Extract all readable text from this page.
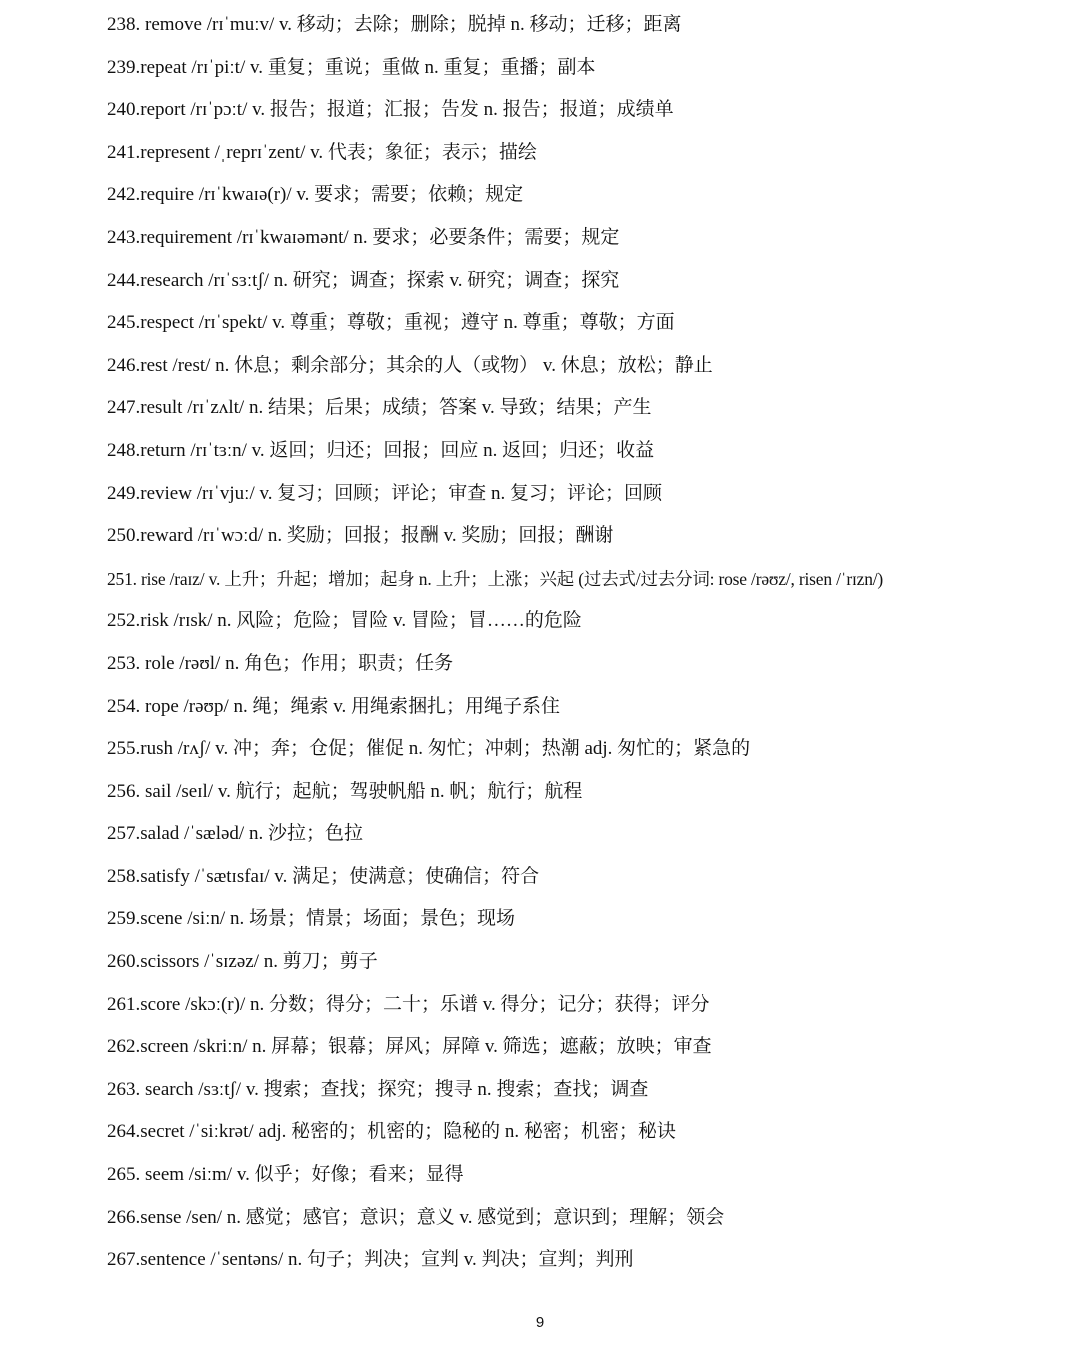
238. remove /rɪˈmuːv/ v. 移动；去除；删除；脱掉 n. 移动；迁移；距离
239.repeat /rɪˈpiːt/ v. 重复；重说；重做 n. 重复；重播；副本
240.report /rɪˈpɔːt/ v. 报告；报道；汇报；告发 n. 报告；报道；成绩单
241.represent /ˌreprɪˈzent/ v. 代表；象征；表示；描绘
242.require /rɪˈkwaɪə(r)/ v. 要求；需要；依赖；规定
243.requirement /rɪˈkwaɪəmənt/ n. 要求；必要条件；需要；规定
244.research /rɪˈsɜːtʃ/ n. 研究；调查；探索 v. 研究；调查；探究
245.respect /rɪˈspekt/ v. 尊重；尊敬；重视；遵守 n. 尊重；尊敬；方面
246.rest /rest/ n. 休息；剩余部分；其余的人（或物） v. 休息；放松；静止
247.result /rɪˈzʌlt/ n. 结果；后果；成绩；答案 v. 导致；结果；产生
248.return /rɪˈtɜːn/ v. 返回；归还；回报；回应 n. 返回；归还；收益
249.review /rɪˈvjuː/ v. 复习；回顾；评论；审查 n. 复习；评论；回顾
250.reward /rɪˈwɔːd/ n. 奖励；回报；报酬 v. 奖励；回报；酬谢
251. rise /raɪz/ v. 上升；升起；增加；起身 n. 上升；上涨；兴起 (过去式/过去分词: rose /rəʊz/, risen /ˈrɪzn/)
252.risk /rɪsk/ n. 风险；危险；冒险 v. 冒险；冒……的危险
253. role /rəʊl/ n. 角色；作用；职责；任务
254. rope /rəʊp/ n. 绳；绳索 v. 用绳索捆扎；用绳子系住
255.rush /rʌʃ/ v. 冲；奔；仓促；催促 n. 匆忙；冲刺；热潮 adj. 匆忙的；紧急的
256. sail /seɪl/ v. 航行；起航；驾驶帆船 n. 帆；航行；航程
257.salad /ˈsæləd/ n. 沙拉；色拉
258.satisfy /ˈsætɪsfaɪ/ v. 满足；使满意；使确信；符合
259.scene /siːn/ n. 场景；情景；场面；景色；现场
260.scissors /ˈsɪzəz/ n. 剪刀；剪子
261.score /skɔː(r)/ n. 分数；得分；二十；乐谱 v. 得分；记分；获得；评分
262.screen /skriːn/ n. 屏幕；银幕；屏风；屏障 v. 筛选；遮蔽；放映；审查
263. search /sɜːtʃ/ v. 搜索；查找；探究；搜寻 n. 搜索；查找；调查
264.secret /ˈsiːkrət/ adj. 秘密的；机密的；隐秘的 n. 秘密；机密；秘诀
265. seem /siːm/ v. 似乎；好像；看来；显得
266.sense /sen/ n. 感觉；感官；意识；意义 v. 感觉到；意识到；理解；领会
267.sentence /ˈsentəns/ n. 句子；判决；宣判 v. 判决；宣判；判刑
9
